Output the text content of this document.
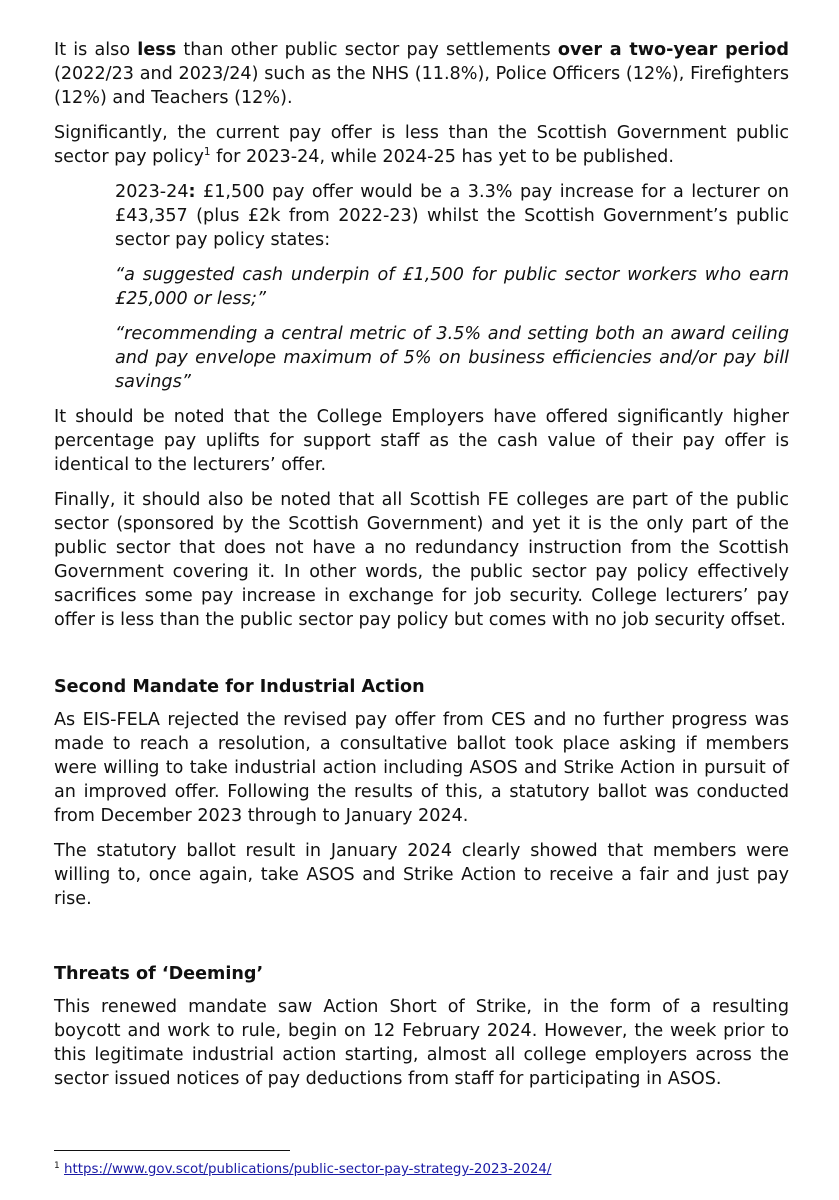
It is also less than other public sector pay settlements over a two-year period (2022/23 and 2023/24) such as the NHS (11.8%), Police Officers (12%), Firefighters (12%) and Teachers (12%).

Significantly, the current pay offer is less than the Scottish Government public sector pay policy$^1$ for 2023-24, while 2024-25 has yet to be published.

2023-24: £1,500 pay offer would be a 3.3% pay increase for a lecturer on £43,357 (plus £2k from 2022-23) whilst the Scottish Government’s public sector pay policy states:

“a suggested cash underpin of £1,500 for public sector workers who earn £25,000 or less;”

“recommending a central metric of 3.5% and setting both an award ceiling and pay envelope maximum of 5% on business efficiencies and/or pay bill savings”

It should be noted that the College Employers have offered significantly higher percentage pay uplifts for support staff as the cash value of their pay offer is identical to the lecturers’ offer.

Finally, it should also be noted that all Scottish FE colleges are part of the public sector (sponsored by the Scottish Government) and yet it is the only part of the public sector that does not have a no redundancy instruction from the Scottish Government covering it. In other words, the public sector pay policy effectively sacrifices some pay increase in exchange for job security. College lecturers’ pay offer is less than the public sector pay policy but comes with no job security offset.

Second Mandate for Industrial Action

As EIS-FELA rejected the revised pay offer from CES and no further progress was made to reach a resolution, a consultative ballot took place asking if members were willing to take industrial action including ASOS and Strike Action in pursuit of an improved offer. Following the results of this, a statutory ballot was conducted from December 2023 through to January 2024.

The statutory ballot result in January 2024 clearly showed that members were willing to, once again, take ASOS and Strike Action to receive a fair and just pay rise.

Threats of ‘Deeming’

This renewed mandate saw Action Short of Strike, in the form of a resulting boycott and work to rule, begin on 12 February 2024. However, the week prior to this legitimate industrial action starting, almost all college employers across the sector issued notices of pay deductions from staff for participating in ASOS.

$^1$ https://www.gov.scot/publications/public-sector-pay-strategy-2023-2024/
